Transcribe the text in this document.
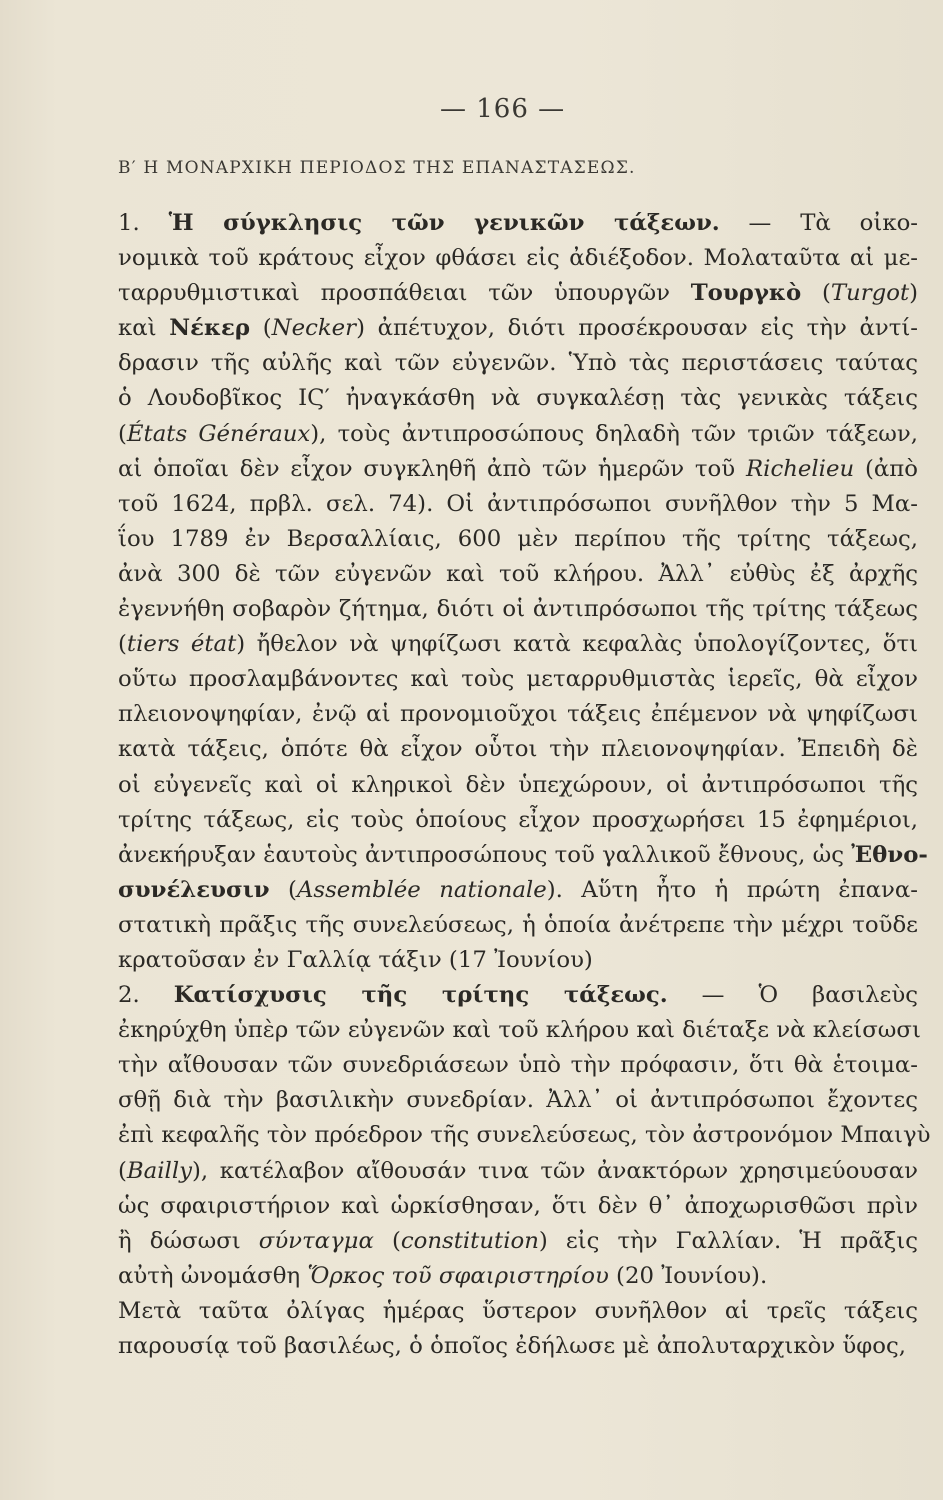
— 166 —
Β′ Η ΜΟΝΑΡΧΙΚΗ ΠΕΡΙΟΔΟΣ ΤΗΣ ΕΠΑΝΑΣΤΑΣΕΩΣ.
1. Ἡ σύγκλησις τῶν γενικῶν τάξεων. — Τὰ οἰκο-
νομικὰ τοῦ κράτους εἶχον φθάσει εἰς ἀδιέξοδον. Μολαταῦτα αἱ με-
ταρρυθμιστικαὶ προσπάθειαι τῶν ὑπουργῶν Τουργκὸ (Turgot)
καὶ Νέκερ (Necker) ἀπέτυχον, διότι προσέκρουσαν εἰς τὴν ἀντί-
δρασιν τῆς αὐλῆς καὶ τῶν εὐγενῶν. Ὑπὸ τὰς περιστάσεις ταύτας
ὁ Λουδοβῖκος ΙϚ′ ἠναγκάσθη νὰ συγκαλέσῃ τὰς γενικὰς τάξεις
(États Généraux), τοὺς ἀντιπροσώπους δηλαδὴ τῶν τριῶν τάξεων,
αἱ ὁποῖαι δὲν εἶχον συγκληθῆ ἀπὸ τῶν ἡμερῶν τοῦ Richelieu (ἀπὸ
τοῦ 1624, πρβλ. σελ. 74). Οἱ ἀντιπρόσωποι συνῆλθον τὴν 5 Μα-
ΐου 1789 ἐν Βερσαλλίαις, 600 μὲν περίπου τῆς τρίτης τάξεως,
ἀνὰ 300 δὲ τῶν εὐγενῶν καὶ τοῦ κλήρου. Ἀλλ᾽ εὐθὺς ἐξ ἀρχῆς
ἐγεννήθη σοβαρὸν ζήτημα, διότι οἱ ἀντιπρόσωποι τῆς τρίτης τάξεως
(tiers état) ἤθελον νὰ ψηφίζωσι κατὰ κεφαλὰς ὑπολογίζοντες, ὅτι
οὕτω προσλαμβάνοντες καὶ τοὺς μεταρρυθμιστὰς ἱερεῖς, θὰ εἶχον
πλειονοψηφίαν, ἐνῷ αἱ προνομιοῦχοι τάξεις ἐπέμενον νὰ ψηφίζωσι
κατὰ τάξεις, ὁπότε θὰ εἶχον οὗτοι τὴν πλειονοψηφίαν. Ἐπειδὴ δὲ
οἱ εὐγενεῖς καὶ οἱ κληρικοὶ δὲν ὑπεχώρουν, οἱ ἀντιπρόσωποι τῆς
τρίτης τάξεως, εἰς τοὺς ὁποίους εἶχον προσχωρήσει 15 ἐφημέριοι,
ἀνεκήρυξαν ἑαυτοὺς ἀντιπροσώπους τοῦ γαλλικοῦ ἔθνους, ὡς Ἐθνο-
συνέλευσιν (Assemblée nationale). Αὕτη ἦτο ἡ πρώτη ἐπανα-
στατικὴ πρᾶξις τῆς συνελεύσεως, ἡ ὁποία ἀνέτρεπε τὴν μέχρι τοῦδε
κρατοῦσαν ἐν Γαλλίᾳ τάξιν (17 Ἰουνίου)
2. Κατίσχυσις τῆς τρίτης τάξεως. — Ὁ βασιλεὺς
ἐκηρύχθη ὑπὲρ τῶν εὐγενῶν καὶ τοῦ κλήρου καὶ διέταξε νὰ κλείσωσι
τὴν αἴθουσαν τῶν συνεδριάσεων ὑπὸ τὴν πρόφασιν, ὅτι θὰ ἑτοιμα-
σθῇ διὰ τὴν βασιλικὴν συνεδρίαν. Ἀλλ᾽ οἱ ἀντιπρόσωποι ἔχοντες
ἐπὶ κεφαλῆς τὸν πρόεδρον τῆς συνελεύσεως, τὸν ἀστρονόμον Μπαιγὺ
(Bailly), κατέλαβον αἴθουσάν τινα τῶν ἀνακτόρων χρησιμεύουσαν
ὡς σφαιριστήριον καὶ ὡρκίσθησαν, ὅτι δὲν θ᾽ ἀποχωρισθῶσι πρὶν
ἢ δώσωσι σύνταγμα (constitution) εἰς τὴν Γαλλίαν. Ἡ πρᾶξις
αὐτὴ ὠνομάσθη Ὅρκος τοῦ σφαιριστηρίου (20 Ἰουνίου).
Μετὰ ταῦτα ὀλίγας ἡμέρας ὕστερον συνῆλθον αἱ τρεῖς τάξεις
παρουσίᾳ τοῦ βασιλέως, ὁ ὁποῖος ἐδήλωσε μὲ ἀπολυταρχικὸν ὕφος,
